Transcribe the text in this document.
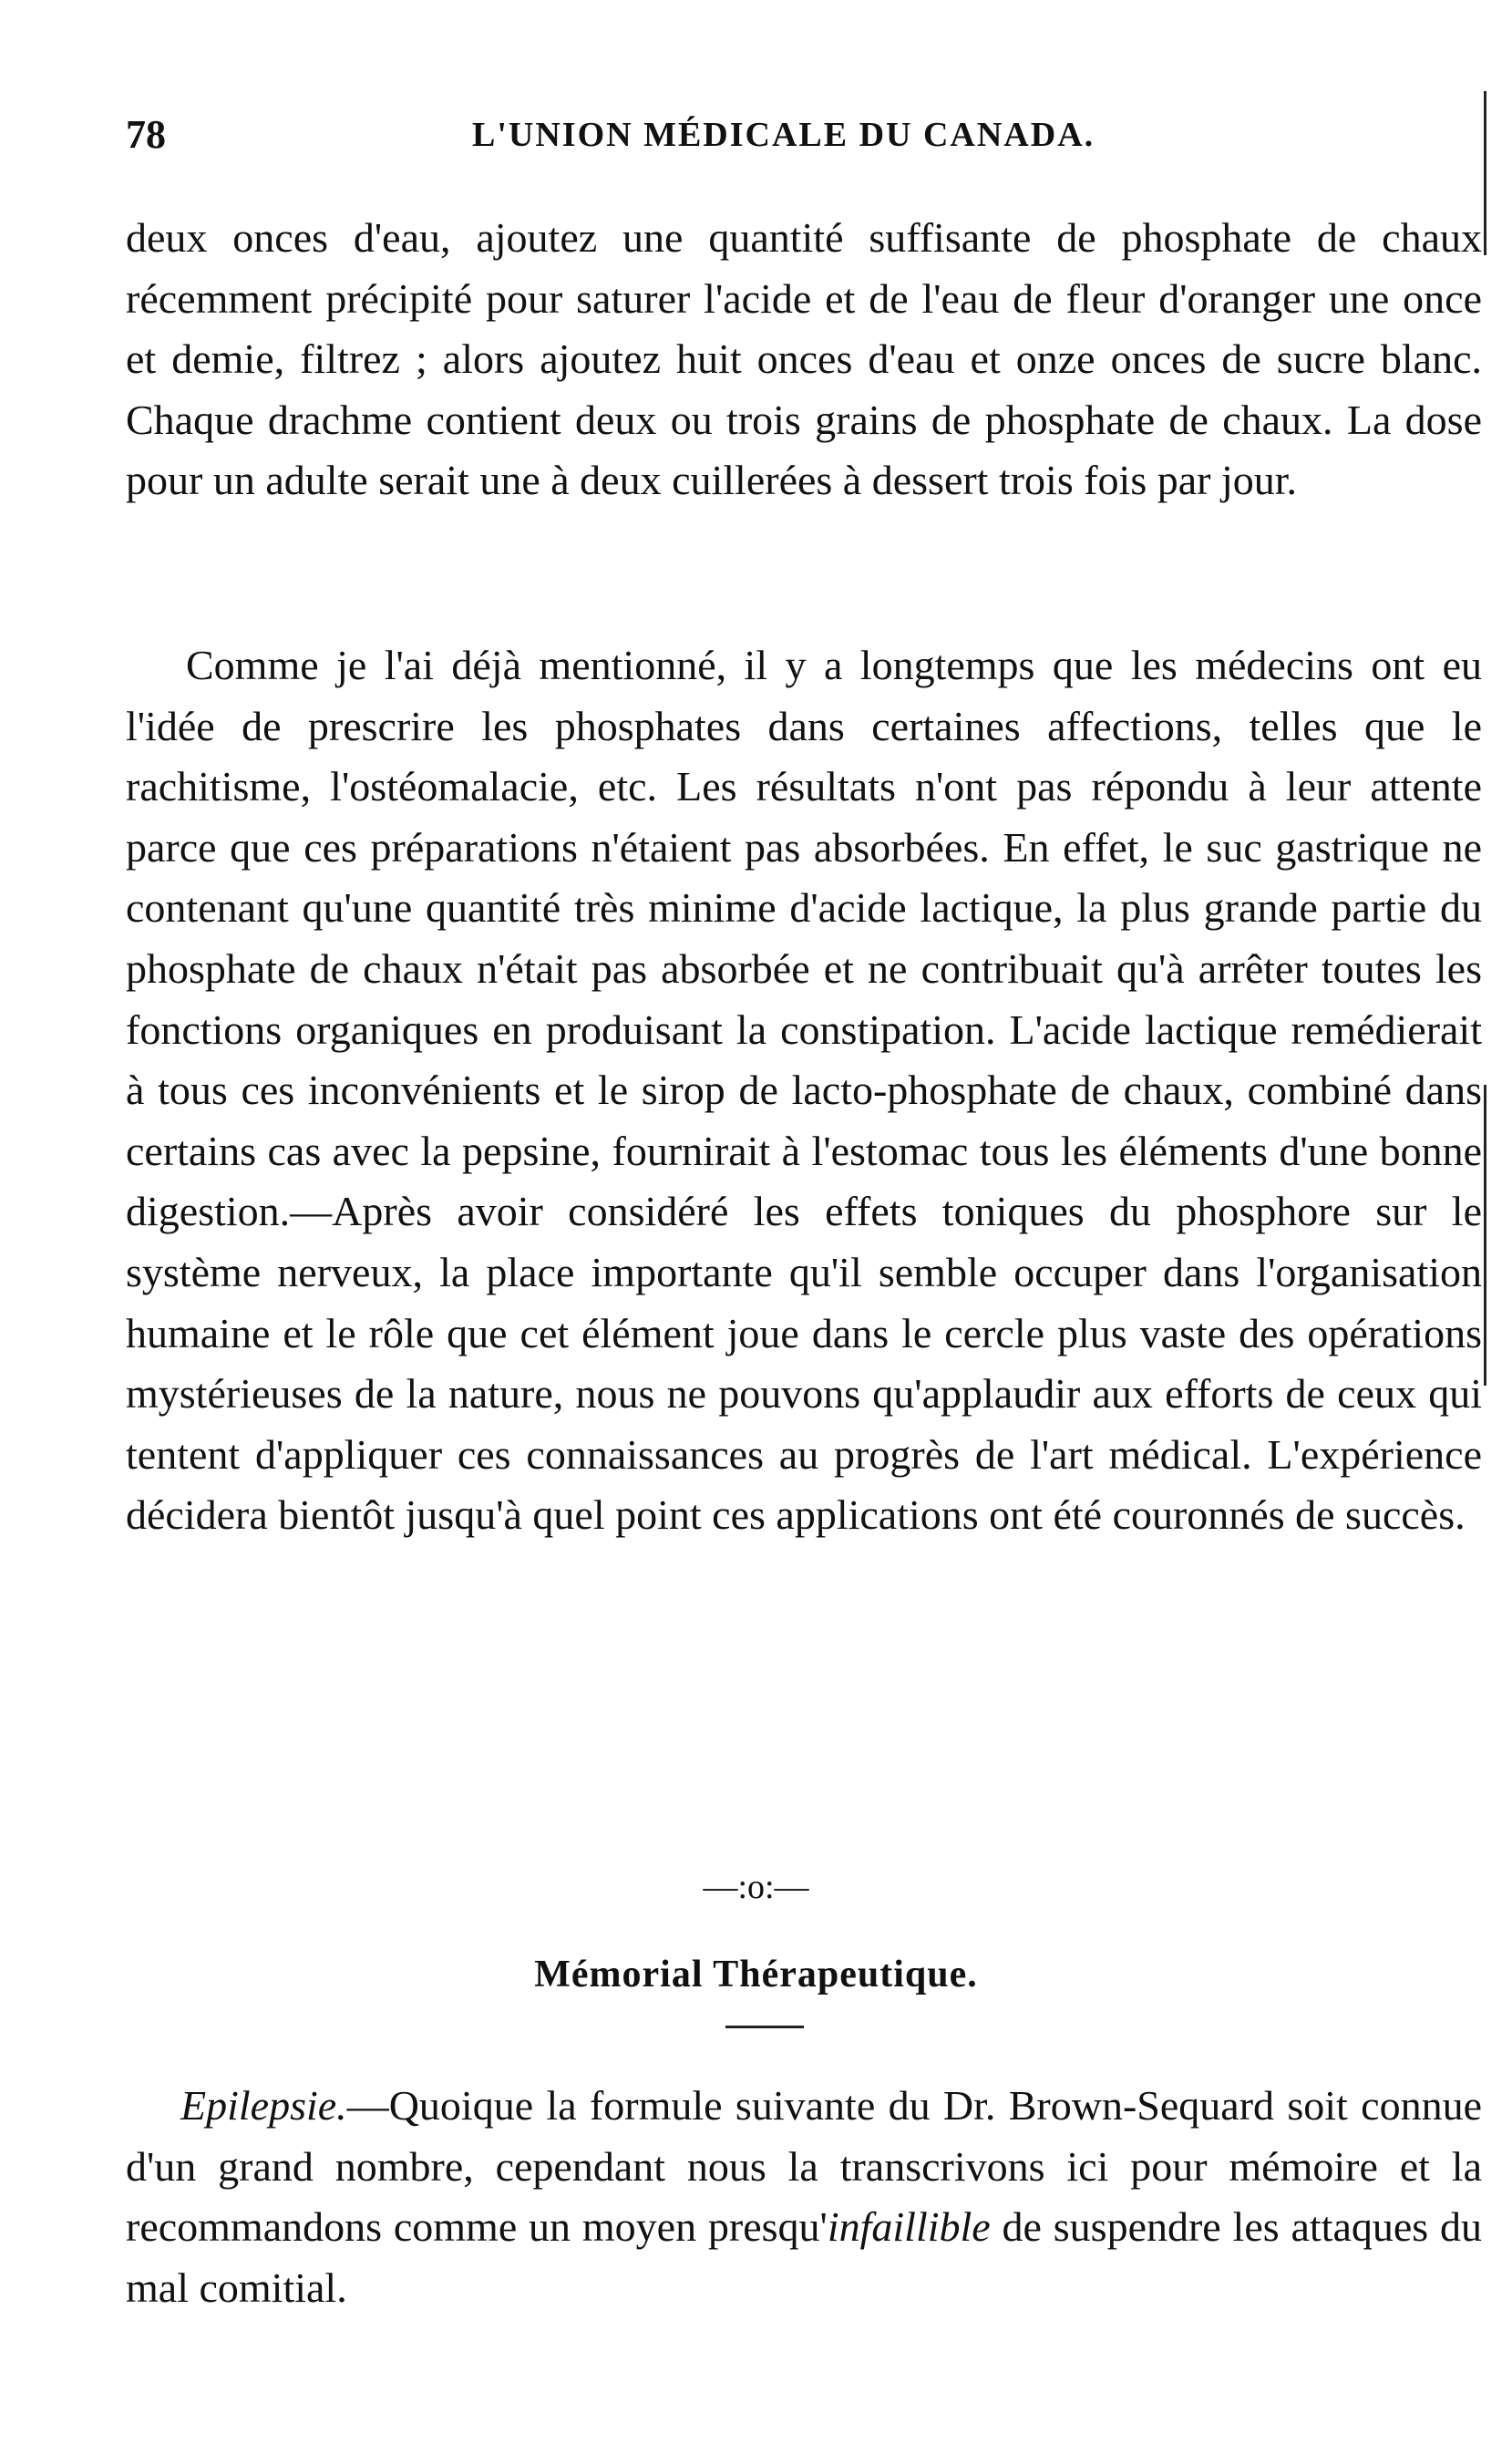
78	L'UNION MÉDICALE DU CANADA.

deux onces d'eau, ajoutez une quantité suffisante de phosphate de chaux récemment précipité pour saturer l'acide et de l'eau de fleur d'oranger une once et demie, filtrez ; alors ajoutez huit onces d'eau et onze onces de sucre blanc. Chaque drachme contient deux ou trois grains de phosphate de chaux. La dose pour un adulte serait une à deux cuillerées à dessert trois fois par jour.

Comme je l'ai déjà mentionné, il y a longtemps que les médecins ont eu l'idée de prescrire les phosphates dans certaines affections, telles que le rachitisme, l'ostéomalacie, etc. Les résultats n'ont pas répondu à leur attente parce que ces préparations n'étaient pas absorbées. En effet, le suc gastrique ne contenant qu'une quantité très minime d'acide lactique, la plus grande partie du phosphate de chaux n'était pas absorbée et ne contribuait qu'à arrêter toutes les fonctions organiques en produisant la constipation. L'acide lactique remédierait à tous ces inconvénients et le sirop de lacto-phosphate de chaux, combiné dans certains cas avec la pepsine, fournirait à l'estomac tous les éléments d'une bonne digestion.—Après avoir considéré les effets toniques du phosphore sur le système nerveux, la place importante qu'il semble occuper dans l'organisation humaine et le rôle que cet élément joue dans le cercle plus vaste des opérations mystérieuses de la nature, nous ne pouvons qu'applaudir aux efforts de ceux qui tentent d'appliquer ces connaissances au progrès de l'art médical. L'expérience décidera bientôt jusqu'à quel point ces applications ont été couronnés de succès.

—:o:—
Mémorial Thérapeutique.

Epilepsie.—Quoique la formule suivante du Dr. Brown-Sequard soit connue d'un grand nombre, cependant nous la transcrivons ici pour mémoire et la recommandons comme un moyen presqu'infaillible de suspendre les attaques du mal comitial.
